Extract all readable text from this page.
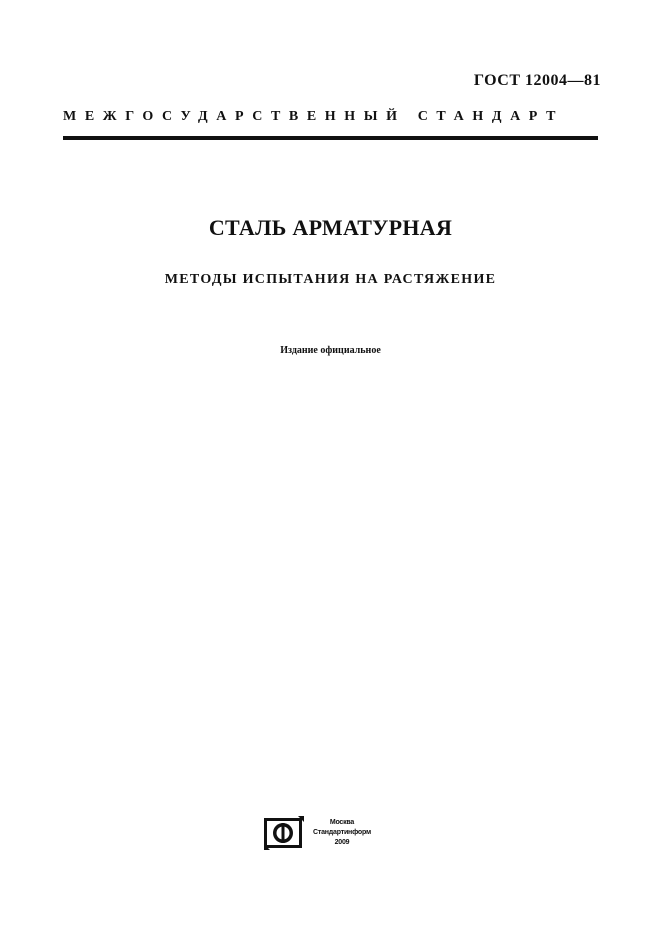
ГОСТ 12004—81
МЕЖГОСУДАРСТВЕННЫЙ СТАНДАРТ
СТАЛЬ АРМАТУРНАЯ
МЕТОДЫ ИСПЫТАНИЯ НА РАСТЯЖЕНИЕ
Издание официальное
Москва
Стандартинформ
2009
